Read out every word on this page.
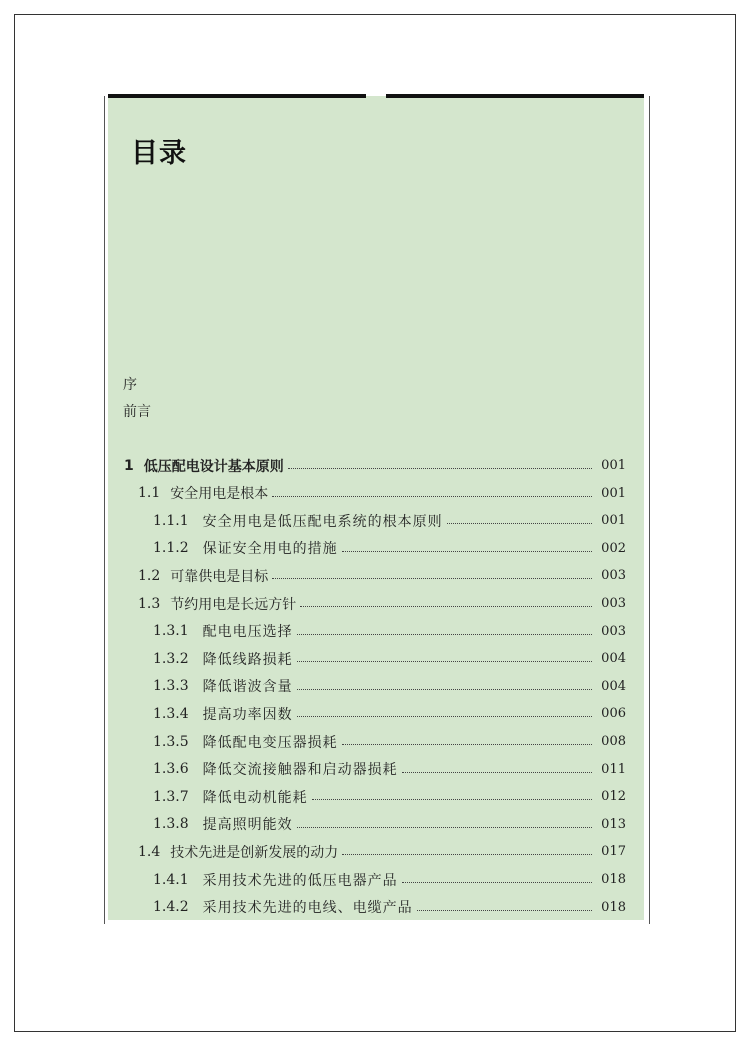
目录
序
前言
1 低压配电设计基本原则	001
1.1 安全用电是根本	001
1.1.1 安全用电是低压配电系统的根本原则	001
1.1.2 保证安全用电的措施	002
1.2 可靠供电是目标	003
1.3 节约用电是长远方针	003
1.3.1 配电电压选择	003
1.3.2 降低线路损耗	004
1.3.3 降低谐波含量	004
1.3.4 提高功率因数	006
1.3.5 降低配电变压器损耗	008
1.3.6 降低交流接触器和启动器损耗	011
1.3.7 降低电动机能耗	012
1.3.8 提高照明能效	013
1.4 技术先进是创新发展的动力	017
1.4.1 采用技术先进的低压电器产品	018
1.4.2 采用技术先进的电线、电缆产品	018
